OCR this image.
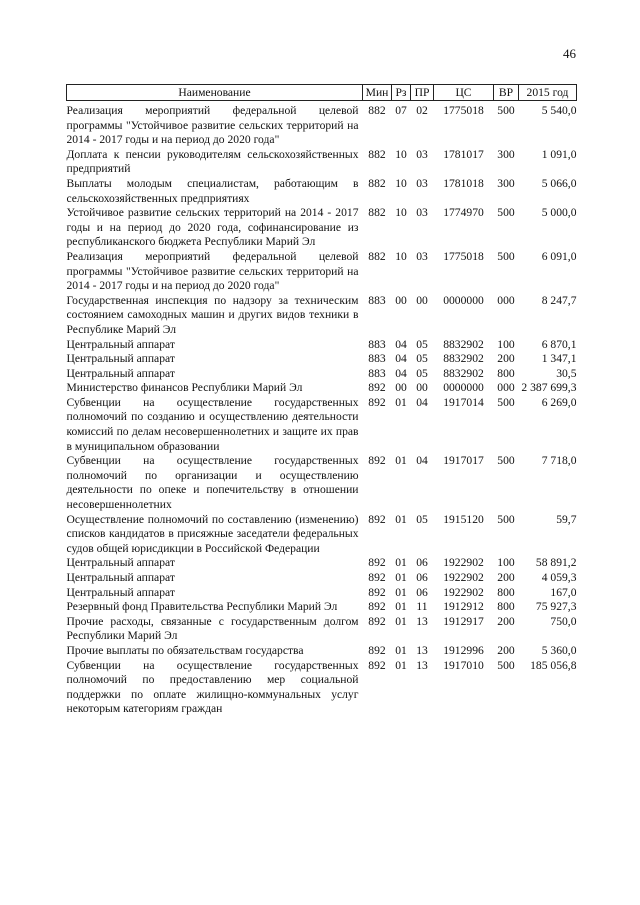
46
Наименование	Мин	Рз	ПР	ЦС	ВР	2015 год
Реализация мероприятий федеральной целевой программы "Устойчивое развитие сельских территорий на 2014 - 2017 годы и на период до 2020 года"	882	07	02	1775018	500	5 540,0
Доплата к пенсии руководителям сельскохозяйственных предприятий	882	10	03	1781017	300	1 091,0
Выплаты молодым специалистам, работающим в сельскохозяйственных предприятиях	882	10	03	1781018	300	5 066,0
Устойчивое развитие сельских территорий на 2014 - 2017 годы и на период до 2020 года, софинансирование из республиканского бюджета Республики Марий Эл	882	10	03	1774970	500	5 000,0
Реализация мероприятий федеральной целевой программы "Устойчивое развитие сельских территорий на 2014 - 2017 годы и на период до 2020 года"	882	10	03	1775018	500	6 091,0
Государственная инспекция по надзору за техническим состоянием самоходных машин и других видов техники в Республике Марий Эл	883	00	00	0000000	000	8 247,7
Центральный аппарат	883	04	05	8832902	100	6 870,1
Центральный аппарат	883	04	05	8832902	200	1 347,1
Центральный аппарат	883	04	05	8832902	800	30,5
Министерство финансов Республики Марий Эл	892	00	00	0000000	000	2 387 699,3
Субвенции на осуществление государственных полномочий по созданию и осуществлению деятельности комиссий по делам несовершеннолетних и защите их прав в муниципальном образовании	892	01	04	1917014	500	6 269,0
Субвенции на осуществление государственных полномочий по организации и осуществлению деятельности по опеке и попечительству в отношении несовершеннолетних	892	01	04	1917017	500	7 718,0
Осуществление полномочий по составлению (изменению) списков кандидатов в присяжные заседатели федеральных судов общей юрисдикции в Российской Федерации	892	01	05	1915120	500	59,7
Центральный аппарат	892	01	06	1922902	100	58 891,2
Центральный аппарат	892	01	06	1922902	200	4 059,3
Центральный аппарат	892	01	06	1922902	800	167,0
Резервный фонд Правительства Республики Марий Эл	892	01	11	1912912	800	75 927,3
Прочие расходы, связанные с государственным долгом Республики Марий Эл	892	01	13	1912917	200	750,0
Прочие выплаты по обязательствам государства	892	01	13	1912996	200	5 360,0
Субвенции на осуществление государственных полномочий по предоставлению мер социальной поддержки по оплате жилищно-коммунальных услуг некоторым категориям граждан	892	01	13	1917010	500	185 056,8
